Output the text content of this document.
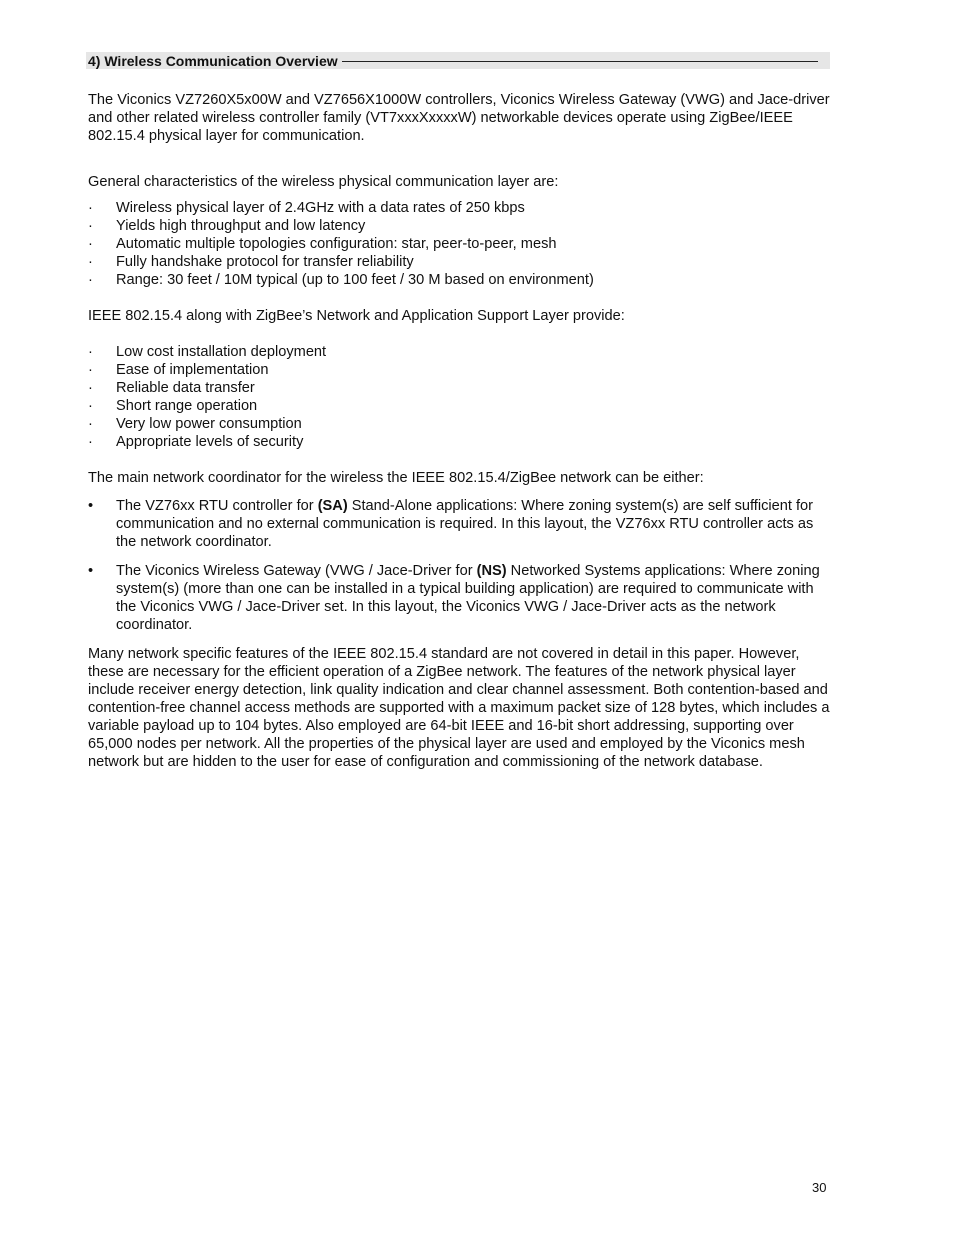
4) Wireless Communication Overview

The Viconics VZ7260X5x00W and VZ7656X1000W controllers, Viconics Wireless Gateway (VWG) and Jace-driver and other related wireless controller family (VT7xxxXxxxxW) networkable devices operate using ZigBee/IEEE 802.15.4 physical layer for communication.

General characteristics of the wireless physical communication layer are:

· Wireless physical layer of 2.4GHz with a data rates of 250 kbps
· Yields high throughput and low latency
· Automatic multiple topologies configuration: star, peer-to-peer, mesh
· Fully handshake protocol for transfer reliability
· Range: 30 feet / 10M typical (up to 100 feet / 30 M based on environment)

IEEE 802.15.4 along with ZigBee’s Network and Application Support Layer provide:

· Low cost installation deployment
· Ease of implementation
· Reliable data transfer
· Short range operation
· Very low power consumption
· Appropriate levels of security

The main network coordinator for the wireless the IEEE 802.15.4/ZigBee network can be either:

• The VZ76xx RTU controller for (SA) Stand-Alone applications: Where zoning system(s) are self sufficient for communication and no external communication is required. In this layout, the VZ76xx RTU controller acts as the network coordinator.
• The Viconics Wireless Gateway (VWG / Jace-Driver for (NS) Networked Systems applications: Where zoning system(s) (more than one can be installed in a typical building application) are required to communicate with the Viconics VWG / Jace-Driver set. In this layout, the Viconics VWG / Jace-Driver acts as the network coordinator.

Many network specific features of the IEEE 802.15.4 standard are not covered in detail in this paper. However, these are necessary for the efficient operation of a ZigBee network. The features of the network physical layer include receiver energy detection, link quality indication and clear channel assessment. Both contention-based and contention-free channel access methods are supported with a maximum packet size of 128 bytes, which includes a variable payload up to 104 bytes. Also employed are 64-bit IEEE and 16-bit short addressing, supporting over 65,000 nodes per network. All the properties of the physical layer are used and employed by the Viconics mesh network but are hidden to the user for ease of configuration and commissioning of the network database.

30
